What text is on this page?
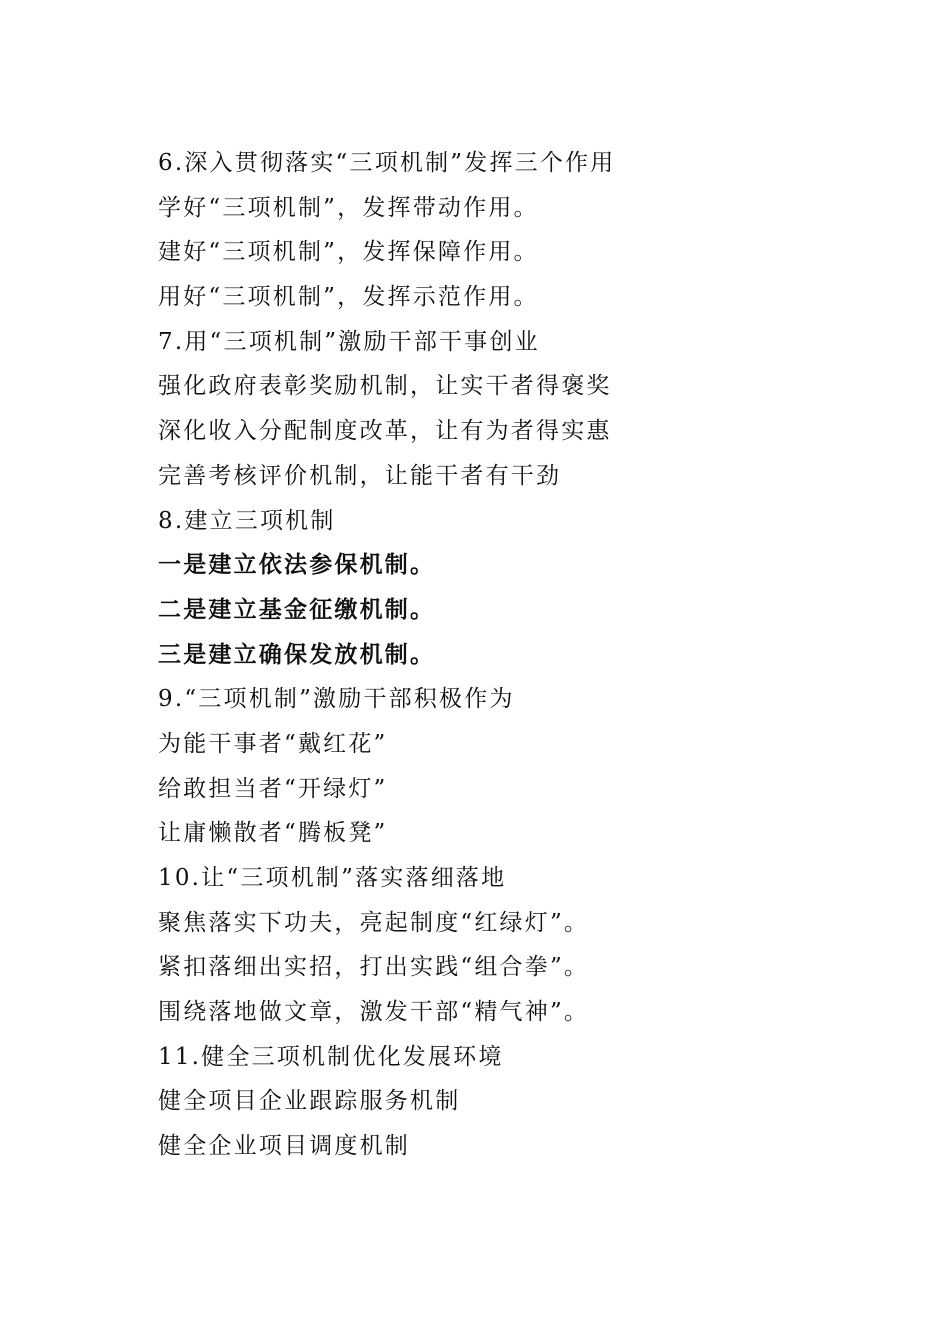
6.深入贯彻落实“三项机制”发挥三个作用
学好“三项机制”，发挥带动作用。
建好“三项机制”，发挥保障作用。
用好“三项机制”，发挥示范作用。
7.用“三项机制”激励干部干事创业
强化政府表彰奖励机制，让实干者得褒奖
深化收入分配制度改革，让有为者得实惠
完善考核评价机制，让能干者有干劲
8.建立三项机制
一是建立依法参保机制。
二是建立基金征缴机制。
三是建立确保发放机制。
9.“三项机制”激励干部积极作为
为能干事者“戴红花”
给敢担当者“开绿灯”
让庸懒散者“腾板凳”
10.让“三项机制”落实落细落地
聚焦落实下功夫，亮起制度“红绿灯”。
紧扣落细出实招，打出实践“组合拳”。
围绕落地做文章，激发干部“精气神”。
11.健全三项机制优化发展环境
健全项目企业跟踪服务机制
健全企业项目调度机制
